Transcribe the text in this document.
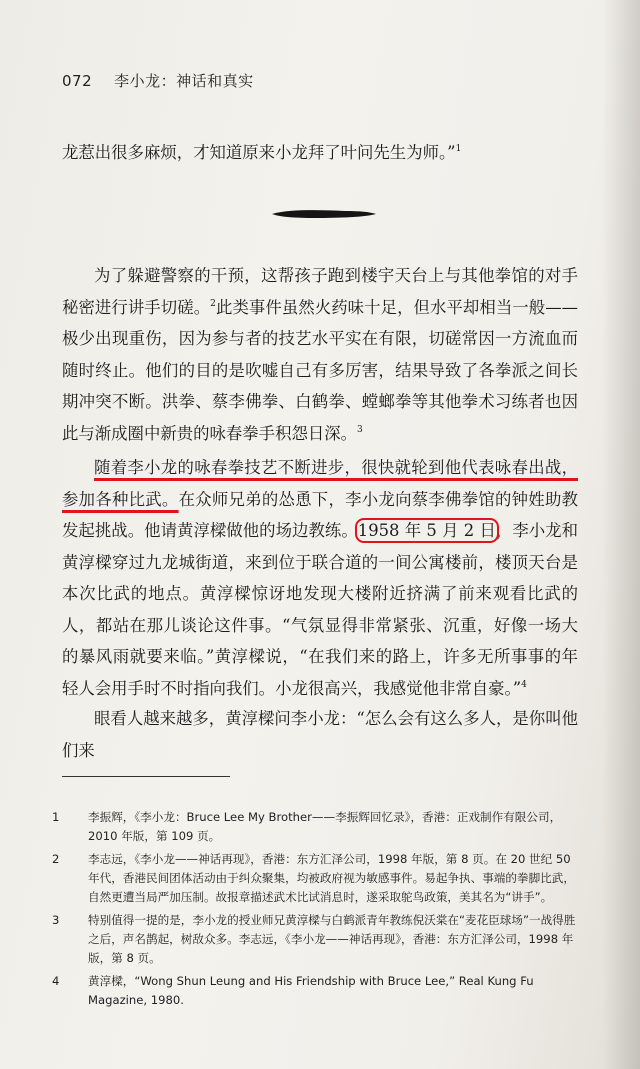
072 李小龙：神话和真实

龙惹出很多麻烦，才知道原来小龙拜了叶问先生为师。”$^1$

为了躲避警察的干预，这帮孩子跑到楼宇天台上与其他拳馆的对手秘密进行讲手切磋。$^2$此类事件虽然火药味十足，但水平却相当一般——极少出现重伤，因为参与者的技艺水平实在有限，切磋常因一方流血而随时终止。他们的目的是吹嘘自己有多厉害，结果导致了各拳派之间长期冲突不断。洪拳、蔡李佛拳、白鹤拳、螳螂拳等其他拳术习练者也因此与渐成圈中新贵的咏春拳手积怨日深。$^3$

随着李小龙的咏春拳技艺不断进步，很快就轮到他代表咏春出战，参加各种比武。在众师兄弟的怂恿下，李小龙向蔡李佛拳馆的钟姓助教发起挑战。他请黄淳樑做他的场边教练。1958 年 5 月 2 日，李小龙和黄淳樑穿过九龙城街道，来到位于联合道的一间公寓楼前，楼顶天台是本次比武的地点。黄淳樑惊讶地发现大楼附近挤满了前来观看比武的人，都站在那儿谈论这件事。“气氛显得非常紧张、沉重，好像一场大的暴风雨就要来临。”黄淳樑说，“在我们来的路上，许多无所事事的年轻人会用手时不时指向我们。小龙很高兴，我感觉他非常自豪。”$^4$

眼看人越来越多，黄淳樑问李小龙：“怎么会有这么多人，是你叫他们来

1 李振辉，《李小龙：Bruce Lee My Brother——李振辉回忆录》，香港：正戏制作有限公司，2010 年版，第 109 页。
2 李志远，《李小龙——神话再现》，香港：东方汇泽公司，1998 年版，第 8 页。在 20 世纪 50 年代，香港民间团体活动由于纠众聚集，均被政府视为敏感事件。易起争执、事端的拳脚比武，自然更遭当局严加压制。故报章描述武术比试消息时，遂采取鸵鸟政策，美其名为“讲手”。
3 特别值得一提的是，李小龙的授业师兄黄淳樑与白鹤派青年教练倪沃棠在“麦花臣球场”一战得胜之后，声名鹊起，树敌众多。李志远，《李小龙——神话再现》，香港：东方汇泽公司，1998 年版，第 8 页。
4 黄淳樑，“Wong Shun Leung and His Friendship with Bruce Lee,” Real Kung Fu Magazine, 1980.
